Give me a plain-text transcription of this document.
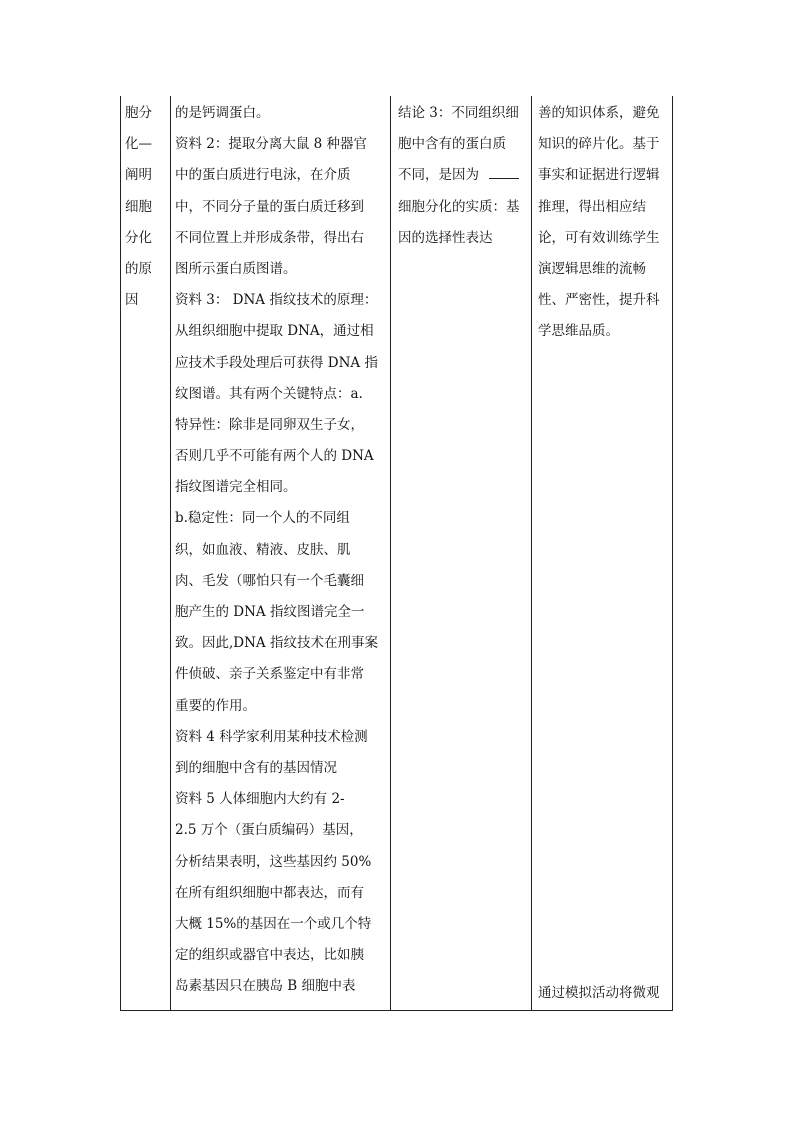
胞分
化—
阐明
细胞
分化
的原
因
的是钙调蛋白。
资料 2：提取分离大鼠 8 种器官
中的蛋白质进行电泳，在介质
中，不同分子量的蛋白质迁移到
不同位置上并形成条带，得出右
图所示蛋白质图谱。
资料 3： DNA 指纹技术的原理：
从组织细胞中提取 DNA，通过相
应技术手段处理后可获得 DNA 指
纹图谱。其有两个关键特点：a.
特异性：除非是同卵双生子女，
否则几乎不可能有两个人的 DNA
指纹图谱完全相同。
b.稳定性：同一个人的不同组
织，如血液、精液、皮肤、肌
肉、毛发（哪怕只有一个毛囊细
胞产生的 DNA 指纹图谱完全一
致。因此,DNA 指纹技术在刑事案
件侦破、亲子关系鉴定中有非常
重要的作用。
资料 4 科学家利用某种技术检测
到的细胞中含有的基因情况
资料 5 人体细胞内大约有 2-
2.5 万个（蛋白质编码）基因，
分析结果表明，这些基因约 50%
在所有组织细胞中都表达，而有
大概 15%的基因在一个或几个特
定的组织或器官中表达，比如胰
岛素基因只在胰岛 B 细胞中表
结论 3：不同组织细
胞中含有的蛋白质
不同，是因为
细胞分化的实质：基
因的选择性表达
善的知识体系，避免
知识的碎片化。基于
事实和证据进行逻辑
推理，得出相应结
论，可有效训练学生
演逻辑思维的流畅
性、严密性，提升科
学思维品质。
通过模拟活动将微观
